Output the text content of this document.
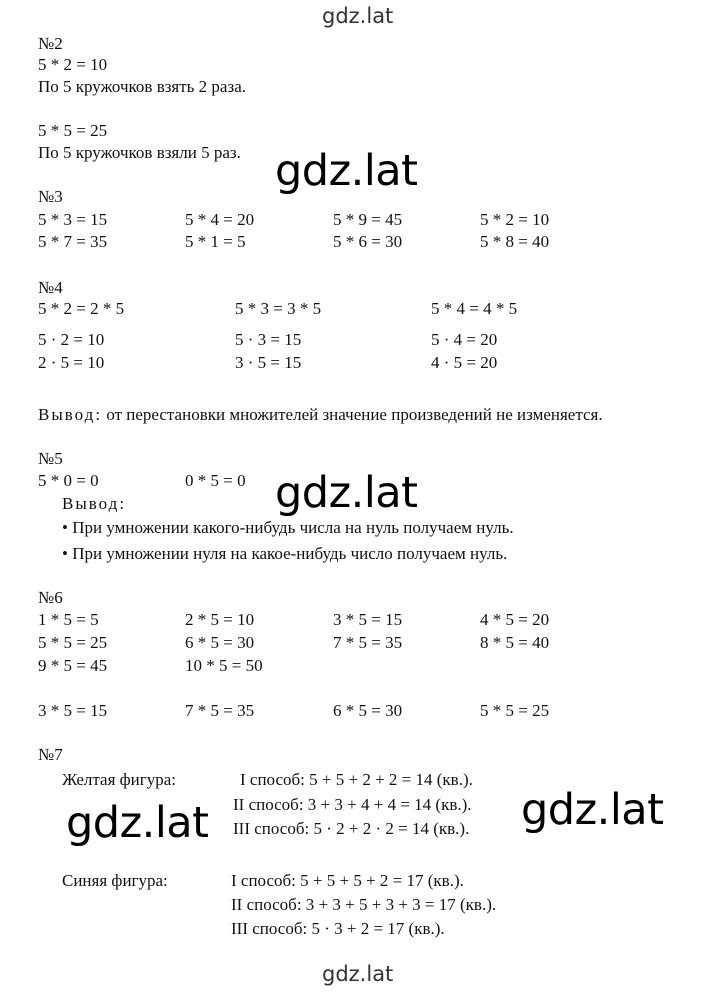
gdz.lat
№2
5 * 2 = 10
По 5 кружочков взять 2 раза.
5 * 5 = 25
По 5 кружочков взяли 5 раз. gdz.lat
№3
5 * 3 = 15	5 * 4 = 20	5 * 9 = 45	5 * 2 = 10
5 * 7 = 35	5 * 1 = 5	5 * 6 = 30	5 * 8 = 40
№4
5 * 2 = 2 * 5	5 * 3 = 3 * 5	5 * 4 = 4 * 5
5 · 2 = 10	5 · 3 = 15	5 · 4 = 20
2 · 5 = 10	3 · 5 = 15	4 · 5 = 20
Вывод: от перестановки множителей значение произведений не изменяется.
№5
5 * 0 = 0	0 * 5 = 0 gdz.lat
Вывод:
• При умножении какого-нибудь числа на нуль получаем нуль.
• При умножении нуля на какое-нибудь число получаем нуль.
№6
1 * 5 = 5	2 * 5 = 10	3 * 5 = 15	4 * 5 = 20
5 * 5 = 25	6 * 5 = 30	7 * 5 = 35	8 * 5 = 40
9 * 5 = 45	10 * 5 = 50
3 * 5 = 15	7 * 5 = 35	6 * 5 = 30	5 * 5 = 25
№7
Желтая фигура:	I способ: 5 + 5 + 2 + 2 = 14 (кв.).
II способ: 3 + 3 + 4 + 4 = 14 (кв.).
III способ: 5 · 2 + 2 · 2 = 14 (кв.).
gdz.lat	gdz.lat
Синяя фигура:	I способ: 5 + 5 + 5 + 2 = 17 (кв.).
II способ: 3 + 3 + 5 + 3 + 3 = 17 (кв.).
III способ: 5 · 3 + 2 = 17 (кв.).
gdz.lat
